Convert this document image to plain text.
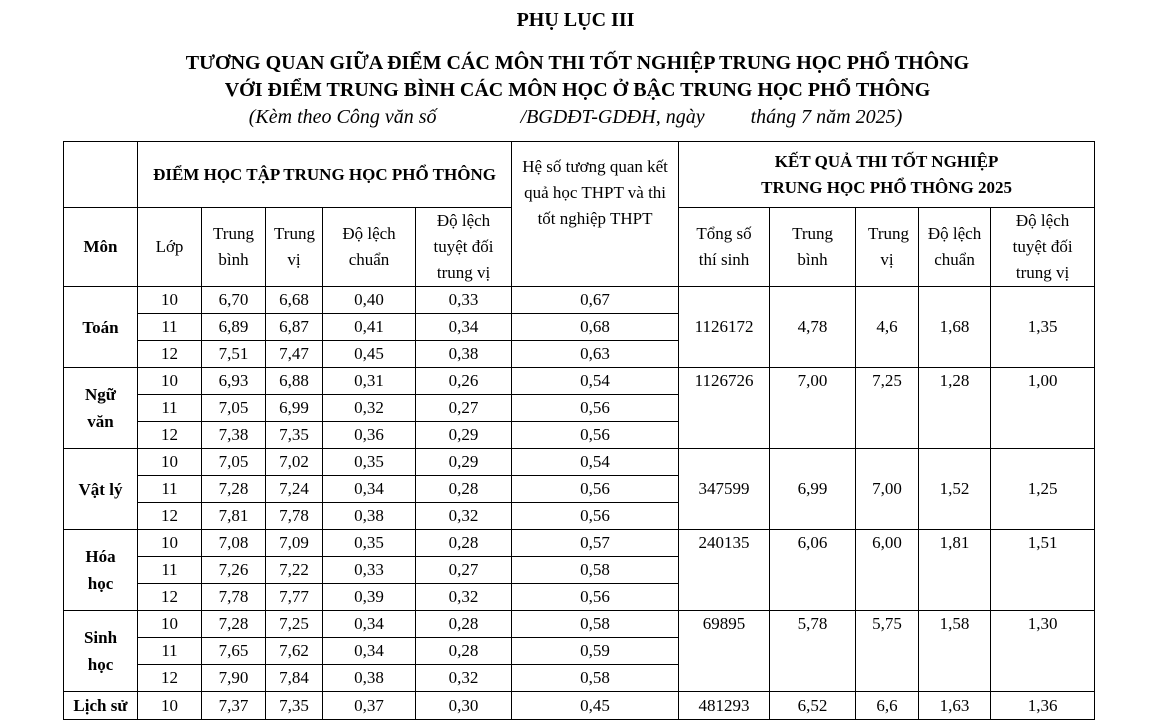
PHỤ LỤC III
TƯƠNG QUAN GIỮA ĐIỂM CÁC MÔN THI TỐT NGHIỆP TRUNG HỌC PHỔ THÔNG
VỚI ĐIỂM TRUNG BÌNH CÁC MÔN HỌC Ở BẬC TRUNG HỌC PHỔ THÔNG
(Kèm theo Công văn số	/BGDĐT-GDĐH, ngày tháng 7 năm 2025)
	ĐIỂM HỌC TẬP TRUNG HỌC PHỔ THÔNG					Hệ số tương quan kết quả học THPT và thi tốt nghiệp THPT	KẾT QUẢ THI TỐT NGHIỆP
TRUNG HỌC PHỔ THÔNG 2025				

Môn	Lớp	Trung bình	Trung vị	Độ lệch chuẩn	Độ lệch tuyệt đối trung vị		Tổng số thí sinh	Trung bình	Trung vị	Độ lệch chuẩn	Độ lệch tuyệt đối trung vị
Toán	10	6,70	6,68	0,40	0,33	0,67	1126172	4,78	4,6	1,68	1,35
	11	6,89	6,87	0,41	0,34	0,68					
	12	7,51	7,47	0,45	0,38	0,63					
Ngữ văn	10	6,93	6,88	0,31	0,26	0,54	1126726	7,00	7,25	1,28	1,00
	11	7,05	6,99	0,32	0,27	0,56					
	12	7,38	7,35	0,36	0,29	0,56					
Vật lý	10	7,05	7,02	0,35	0,29	0,54	347599	6,99	7,00	1,52	1,25
	11	7,28	7,24	0,34	0,28	0,56					
	12	7,81	7,78	0,38	0,32	0,56					
Hóa học	10	7,08	7,09	0,35	0,28	0,57	240135	6,06	6,00	1,81	1,51
	11	7,26	7,22	0,33	0,27	0,58					
	12	7,78	7,77	0,39	0,32	0,56					
Sinh học	10	7,28	7,25	0,34	0,28	0,58	69895	5,78	5,75	1,58	1,30
	11	7,65	7,62	0,34	0,28	0,59					
	12	7,90	7,84	0,38	0,32	0,58					
Lịch sử	10	7,37	7,35	0,37	0,30	0,45	481293	6,52	6,6	1,63	1,36
